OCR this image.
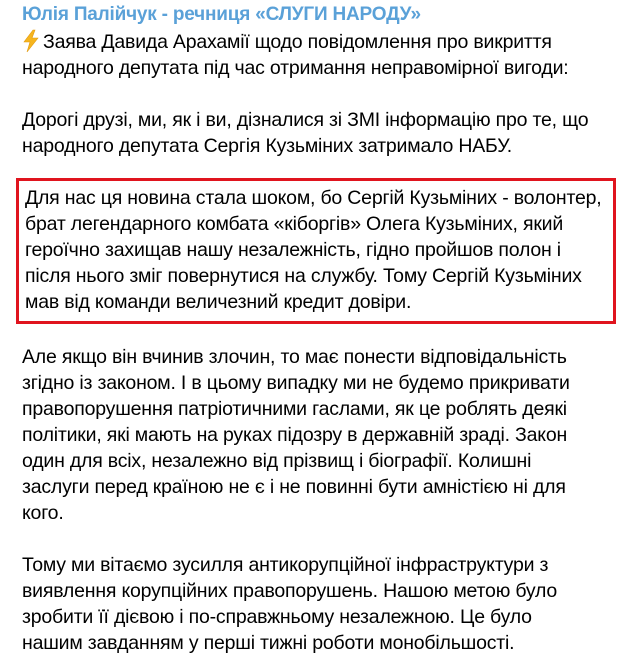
Юлія Палійчук - речниця «СЛУГИ НАРОДУ»
Заява Давида Арахамії щодо повідомлення про викриття
народного депутата під час отримання неправомірної вигоди:
Дорогі друзі, ми, як і ви, дізналися зі ЗМІ інформацію про те, що
народного депутата Сергія Кузьміних затримало НАБУ.
Для нас ця новина стала шоком, бо Сергій Кузьміних - волонтер,
брат легендарного комбата «кіборгів» Олега Кузьміних, який
героїчно захищав нашу незалежність, гідно пройшов полон і
після нього зміг повернутися на службу. Тому Сергій Кузьміних
мав від команди величезний кредит довіри.
Але якщо він вчинив злочин, то має понести відповідальність
згідно із законом. І в цьому випадку ми не будемо прикривати
правопорушення патріотичними гаслами, як це роблять деякі
політики, які мають на руках підозру в державній зраді. Закон
один для всіх, незалежно від прізвищ і біографії. Колишні
заслуги перед країною не є і не повинні бути амністією ні для
кого.
Тому ми вітаємо зусилля антикорупційної інфраструктури з
виявлення корупційних правопорушень. Нашою метою було
зробити її дієвою і по-справжньому незалежною. Це було
нашим завданням у перші тижні роботи монобільшості.
